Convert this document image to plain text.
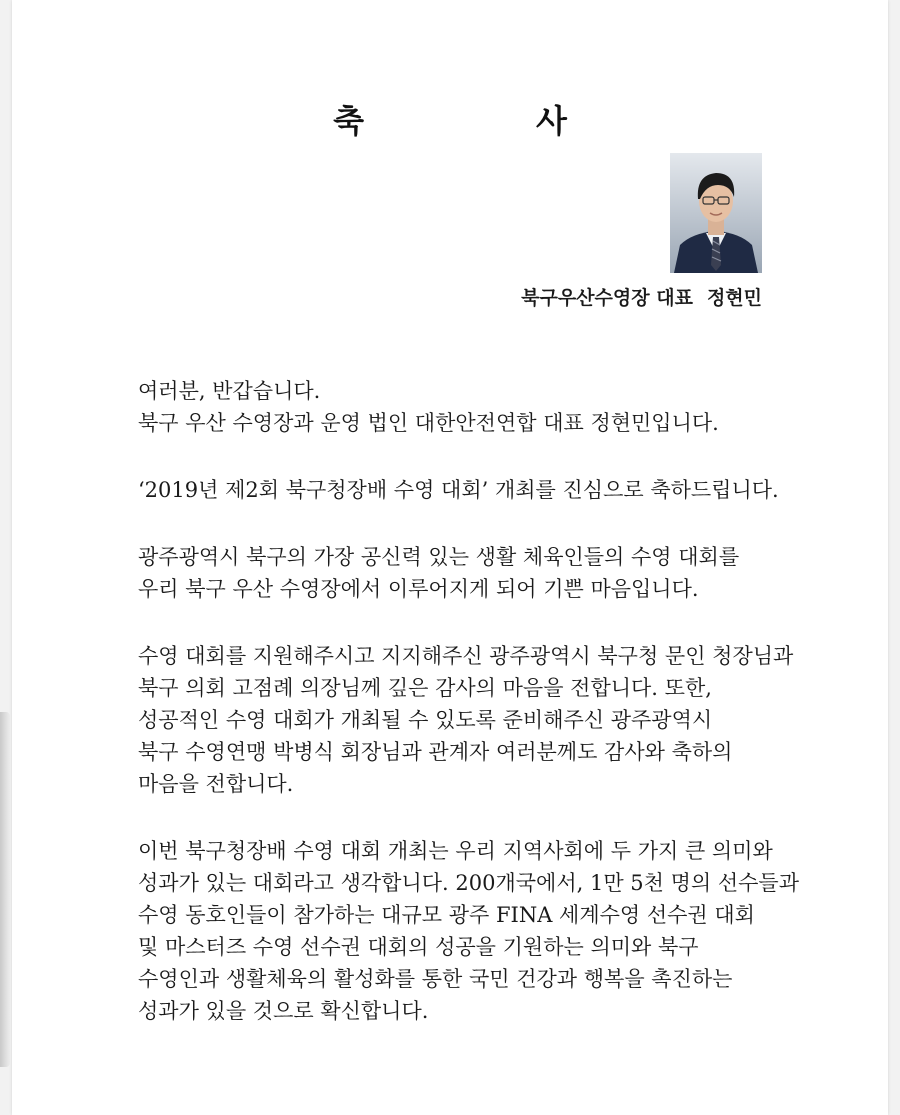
축　사
북구우산수영장 대표 정현민

여러분, 반갑습니다.
북구 우산 수영장과 운영 법인 대한안전연합 대표 정현민입니다.

‘2019년 제2회 북구청장배 수영 대회’ 개최를 진심으로 축하드립니다.

광주광역시 북구의 가장 공신력 있는 생활 체육인들의 수영 대회를
우리 북구 우산 수영장에서 이루어지게 되어 기쁜 마음입니다.

수영 대회를 지원해주시고 지지해주신 광주광역시 북구청 문인 청장님과
북구 의회 고점례 의장님께 깊은 감사의 마음을 전합니다. 또한,
성공적인 수영 대회가 개최될 수 있도록 준비해주신 광주광역시
북구 수영연맹 박병식 회장님과 관계자 여러분께도 감사와 축하의
마음을 전합니다.

이번 북구청장배 수영 대회 개최는 우리 지역사회에 두 가지 큰 의미와
성과가 있는 대회라고 생각합니다. 200개국에서, 1만 5천 명의 선수들과
수영 동호인들이 참가하는 대규모 광주 FINA 세계수영 선수권 대회
및 마스터즈 수영 선수권 대회의 성공을 기원하는 의미와 북구
수영인과 생활체육의 활성화를 통한 국민 건강과 행복을 촉진하는
성과가 있을 것으로 확신합니다.
